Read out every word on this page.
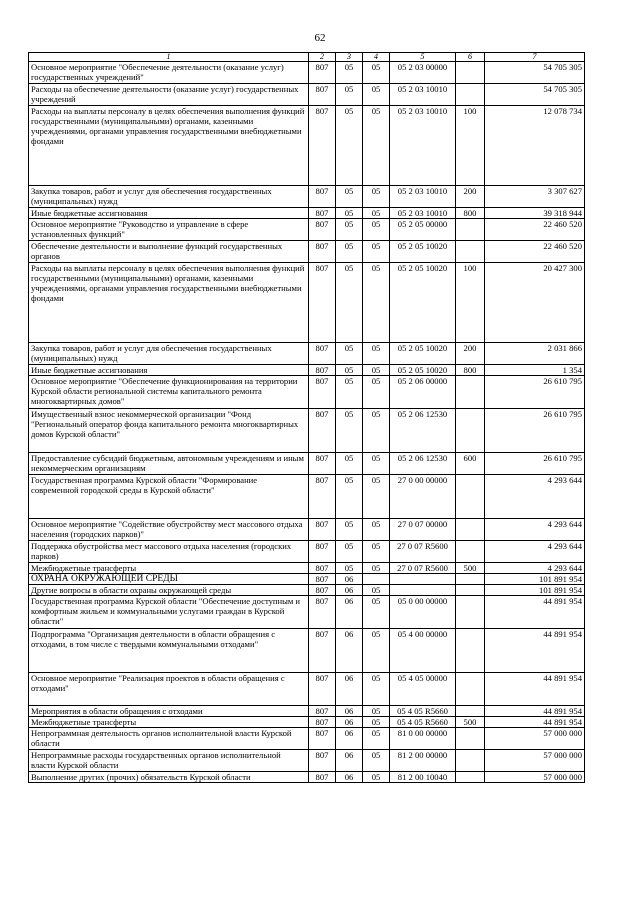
62
1	2	3	4	5	6	7
Основное мероприятие "Обеспечение деятельности (оказание услуг) государственных учреждений"	807	05	05	05 2 03 00000		54 705 305
Расходы на обеспечение деятельности (оказание услуг) государственных учреждений	807	05	05	05 2 03 10010		54 705 305
Расходы на выплаты персоналу в целях обеспечения выполнения функций государственными (муниципальными) органами, казенными учреждениями, органами управления государственными внебюджетными фондами	807	05	05	05 2 03 10010	100	12 078 734
Закупка товаров, работ и услуг для обеспечения государственных (муниципальных) нужд	807	05	05	05 2 03 10010	200	3 307 627
Иные бюджетные ассигнования	807	05	05	05 2 03 10010	800	39 318 944
Основное мероприятие "Руководство и управление в сфере установленных функций"	807	05	05	05 2 05 00000		22 460 520
Обеспечение деятельности и выполнение функций государственных органов	807	05	05	05 2 05 10020		22 460 520
Расходы на выплаты персоналу в целях обеспечения выполнения функций государственными (муниципальными) органами, казенными учреждениями, органами управления государственными внебюджетными фондами	807	05	05	05 2 05 10020	100	20 427 300
Закупка товаров, работ и услуг для обеспечения государственных (муниципальных) нужд	807	05	05	05 2 05 10020	200	2 031 866
Иные бюджетные ассигнования	807	05	05	05 2 05 10020	800	1 354
Основное мероприятие "Обеспечение функционирования на территории Курской области региональной системы капитального ремонта многоквартирных домов"	807	05	05	05 2 06 00000		26 610 795
Имущественный взнос некоммерческой организации "Фонд "Региональный оператор фонда капитального ремонта многоквартирных домов Курской области"	807	05	05	05 2 06 12530		26 610 795
Предоставление субсидий бюджетным, автономным учреждениям и иным некоммерческим организациям	807	05	05	05 2 06 12530	600	26 610 795
Государственная программа Курской области "Формирование современной городской среды в Курской области"	807	05	05	27 0 00 00000		4 293 644
Основное мероприятие "Содействие обустройству мест массового отдыха населения (городских парков)"	807	05	05	27 0 07 00000		4 293 644
Поддержка обустройства мест массового отдыха населения (городских парков)	807	05	05	27 0 07 R5600		4 293 644
Межбюджетные трансферты	807	05	05	27 0 07 R5600	500	4 293 644
ОХРАНА ОКРУЖАЮЩЕЙ СРЕДЫ	807	06				101 891 954
Другие вопросы в области охраны окружающей среды	807	06	05			101 891 954
Государственная программа Курской области "Обеспечение доступным и комфортным жильем и коммунальными услугами граждан в Курской области"	807	06	05	05 0 00 00000		44 891 954
Подпрограмма "Организация деятельности в области обращения с отходами, в том числе с твердыми коммунальными отходами"	807	06	05	05 4 00 00000		44 891 954
Основное мероприятие "Реализация проектов в области обращения с отходами"	807	06	05	05 4 05 00000		44 891 954
Мероприятия в области обращения с отходами	807	06	05	05 4 05 R5660		44 891 954
Межбюджетные трансферты	807	06	05	05 4 05 R5660	500	44 891 954
Непрограммная деятельность органов исполнительной власти Курской области	807	06	05	81 0 00 00000		57 000 000
Непрограммные расходы государственных органов исполнительной власти Курской области	807	06	05	81 2 00 00000		57 000 000
Выполнение других (прочих) обязательств Курской области	807	06	05	81 2 00 10040		57 000 000
